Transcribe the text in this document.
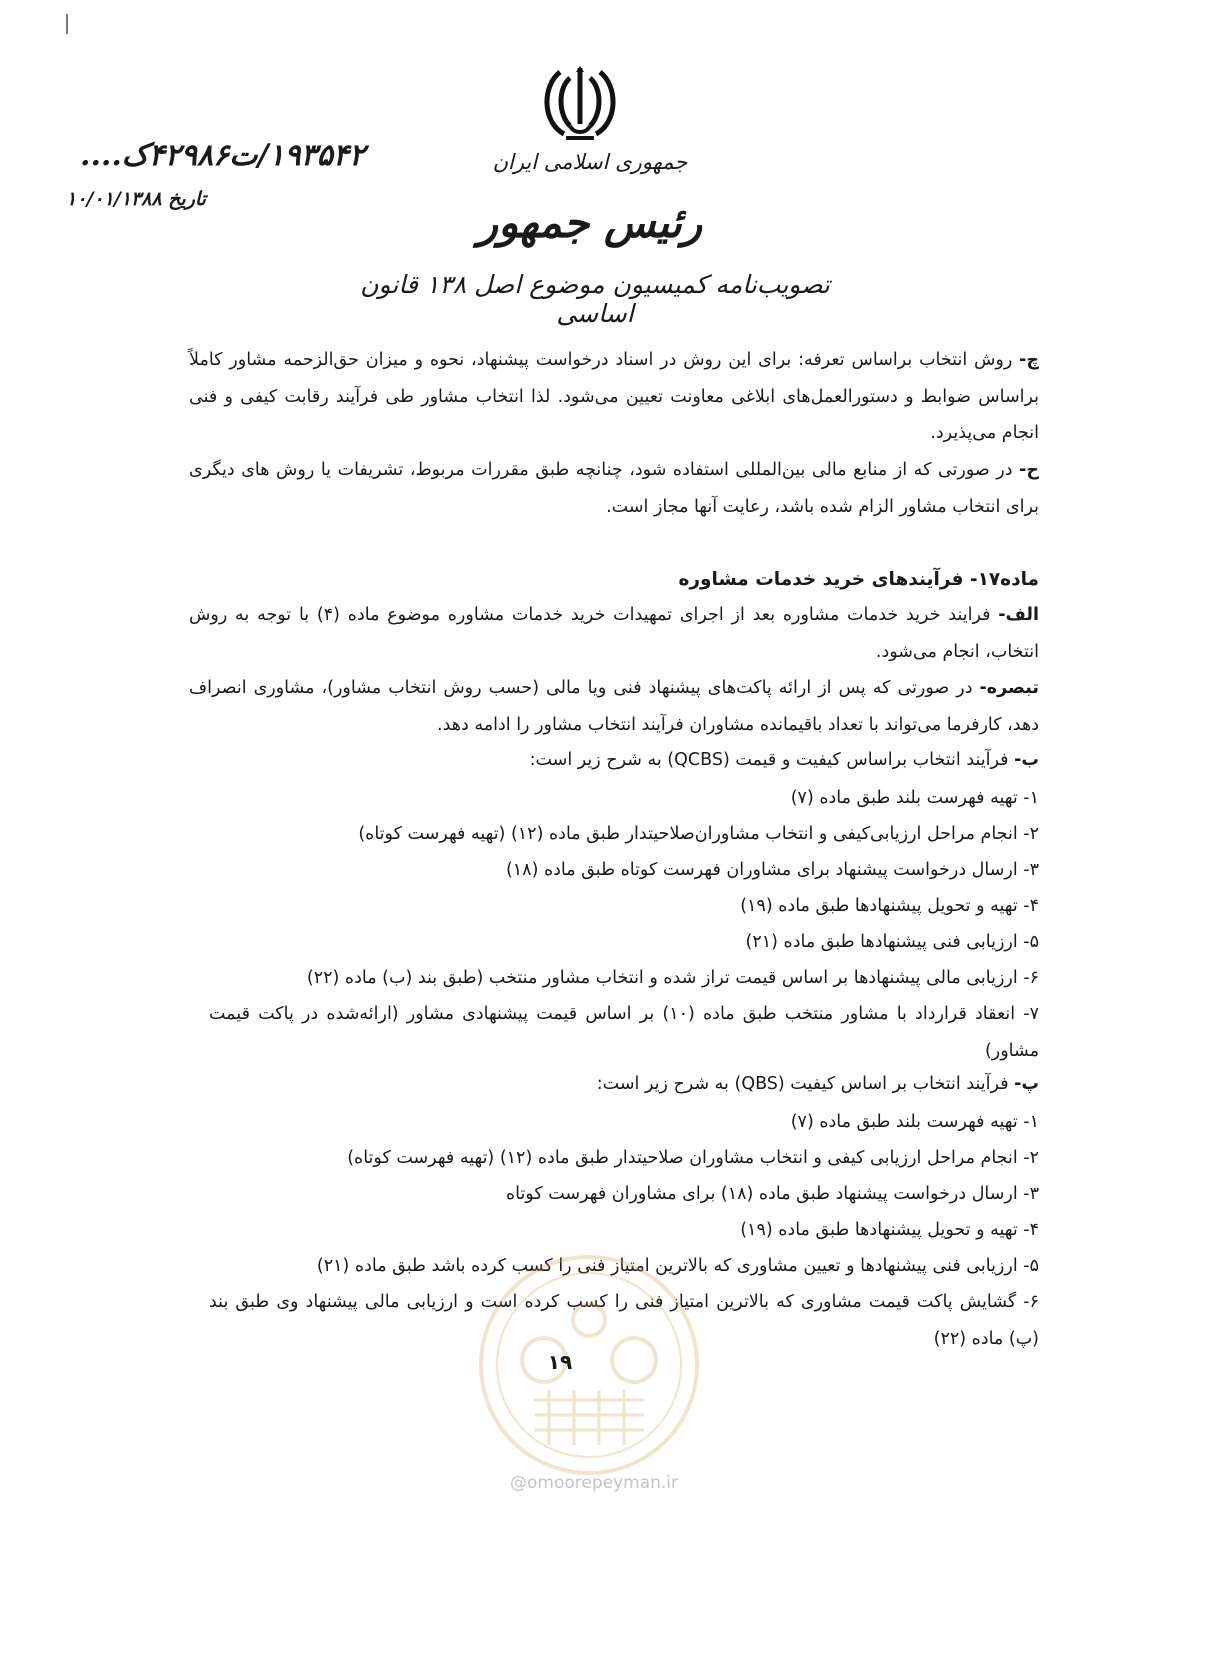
جمهوری اسلامی ایران
رئیس جمهور
تصویب‌نامه کمیسیون موضوع اصل ۱۳۸ قانون اساسی
۱۹۳۵۴۲/ت۴۲۹۸۶ک....
تاریخ ۱۰/۰۱/۱۳۸۸
چ- روش انتخاب براساس تعرفه: برای این روش در اسناد درخواست پیشنهاد، نحوه و میزان حق‌الزحمه مشاور کاملاً براساس ضوابط و دستورالعمل‌های ابلاغی معاونت تعیین می‌شود. لذا انتخاب مشاور طی فرآیند رقابت کیفی و فنی انجام می‌پذیرد.
ح- در صورتی که از منابع مالی بین‌المللی استفاده شود، چنانچه طبق مقررات مربوط، تشریفات یا روش های دیگری برای انتخاب مشاور الزام شده باشد، رعایت آنها مجاز است.
ماده۱۷- فرآیندهای خرید خدمات مشاوره
الف- فرایند خرید خدمات مشاوره بعد از اجرای تمهیدات خرید خدمات مشاوره موضوع ماده (۴) با توجه به روش انتخاب، انجام می‌شود.
تبصره- در صورتی که پس از ارائه پاکت‌های پیشنهاد فنی ویا مالی (حسب روش انتخاب مشاور)، مشاوری انصراف دهد، کارفرما می‌تواند با تعداد باقیمانده مشاوران فرآیند انتخاب مشاور را ادامه دهد.
ب- فرآیند انتخاب براساس کیفیت و قیمت (QCBS) به شرح زیر است:
۱- تهیه فهرست بلند طبق ماده (۷)
۲- انجام مراحل ارزیابی‌کیفی و انتخاب مشاوران‌صلاحیتدار طبق ماده (۱۲) (تهیه فهرست کوتاه)
۳- ارسال درخواست پیشنهاد برای مشاوران فهرست کوتاه طبق ماده (۱۸)
۴- تهیه و تحویل پیشنهادها طبق ماده (۱۹)
۵- ارزیابی فنی پیشنهادها طبق ماده (۲۱)
۶- ارزیابی مالی پیشنهادها بر اساس قیمت تراز شده و انتخاب مشاور منتخب (طبق بند (ب) ماده (۲۲)
۷- انعقاد قرارداد با مشاور منتخب طبق ماده (۱۰) بر اساس قیمت پیشنهادی مشاور (ارائه‌شده در پاکت قیمت مشاور)
پ- فرآیند انتخاب بر اساس کیفیت (QBS) به شرح زیر است:
۱- تهیه فهرست بلند طبق ماده (۷)
۲- انجام مراحل ارزیابی کیفی و انتخاب مشاوران صلاحیتدار طبق ماده (۱۲) (تهیه فهرست کوتاه)
۳- ارسال درخواست پیشنهاد طبق ماده (۱۸) برای مشاوران فهرست کوتاه
۴- تهیه و تحویل پیشنهادها طبق ماده (۱۹)
۵- ارزیابی فنی پیشنهادها و تعیین مشاوری که بالاترین امتیاز فنی را کسب کرده باشد طبق ماده (۲۱)
۶- گشایش پاکت قیمت مشاوری که بالاترین امتیاز فنی را کسب کرده است و ارزیابی مالی پیشنهاد وی طبق بند (پ) ماده (۲۲)
۱۹
@omoorepeyman.ir
